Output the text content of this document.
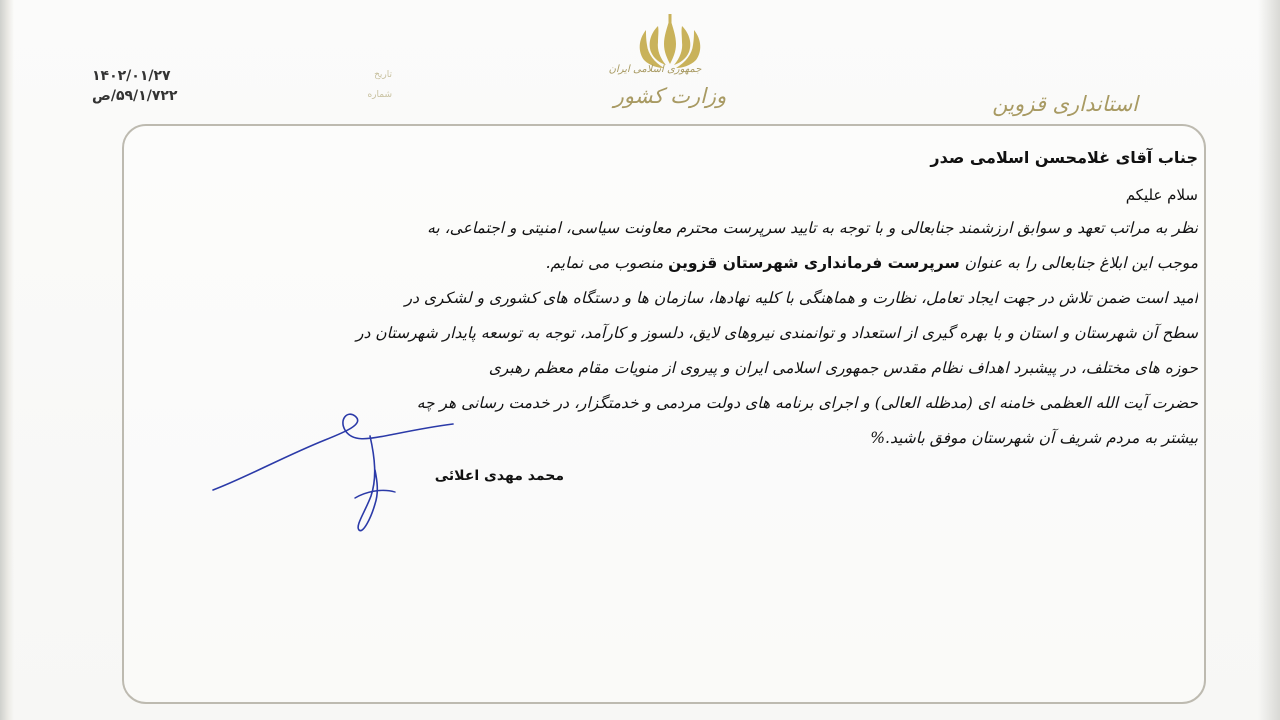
جمهوری اسلامی ایران
وزارت کشور	استانداری قزوین
تاریخ
۱۴۰۲/۰۱/۲۷
شماره
۵۹/۱/۷۲۲/ص
جناب آقای غلامحسن اسلامی صدر
سلام علیکم
نظر به مراتب تعهد و سوابق ارزشمند جنابعالی و با توجه به تایید سرپرست محترم معاونت سیاسی، امنیتی و اجتماعی، به
موجب این ابلاغ جنابعالی را به عنوان سرپرست فرمانداری شهرستان قزوین منصوب می نمایم.
امید است ضمن تلاش در جهت ایجاد تعامل، نظارت و هماهنگی با کلیه نهادها، سازمان ها و دستگاه های کشوری و لشکری در
سطح آن شهرستان و استان و با بهره گیری از استعداد و توانمندی نیروهای لایق، دلسوز و کارآمد، توجه به توسعه پایدار شهرستان در
حوزه های مختلف، در پیشبرد اهداف نظام مقدس جمهوری اسلامی ایران و پیروی از منویات مقام معظم رهبری
حضرت آیت الله العظمی خامنه ای (مدظله العالی) و اجرای برنامه های دولت مردمی و خدمتگزار، در خدمت رسانی هر چه
بیشتر به مردم شریف آن شهرستان موفق باشید.%
محمد مهدی اعلائی
